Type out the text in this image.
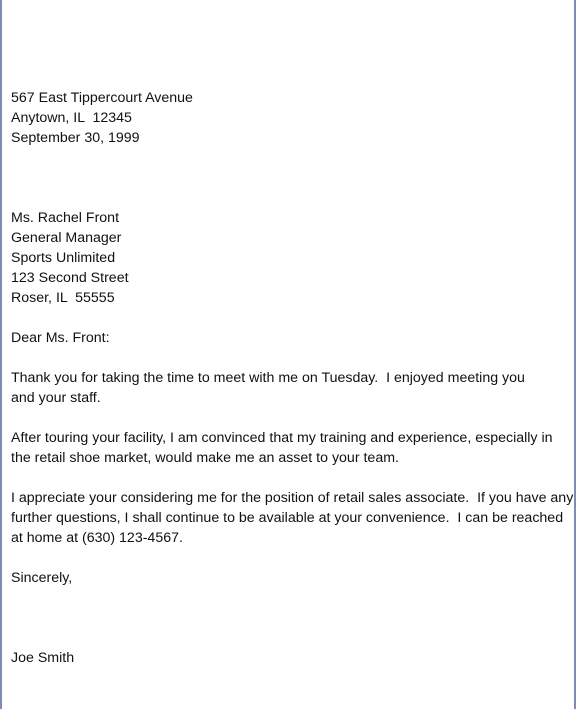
567 East Tippercourt Avenue
Anytown, IL  12345
September 30, 1999
Ms. Rachel Front
General Manager
Sports Unlimited
123 Second Street
Roser, IL  55555

Dear Ms. Front:

Thank you for taking the time to meet with me on Tuesday.  I enjoyed meeting you
and your staff.
After touring your facility, I am convinced that my training and experience, especially in
the retail shoe market, would make me an asset to your team.
I appreciate your considering me for the position of retail sales associate.  If you have any
further questions, I shall continue to be available at your convenience.  I can be reached
at home at (630) 123-4567.

Sincerely,

Joe Smith
